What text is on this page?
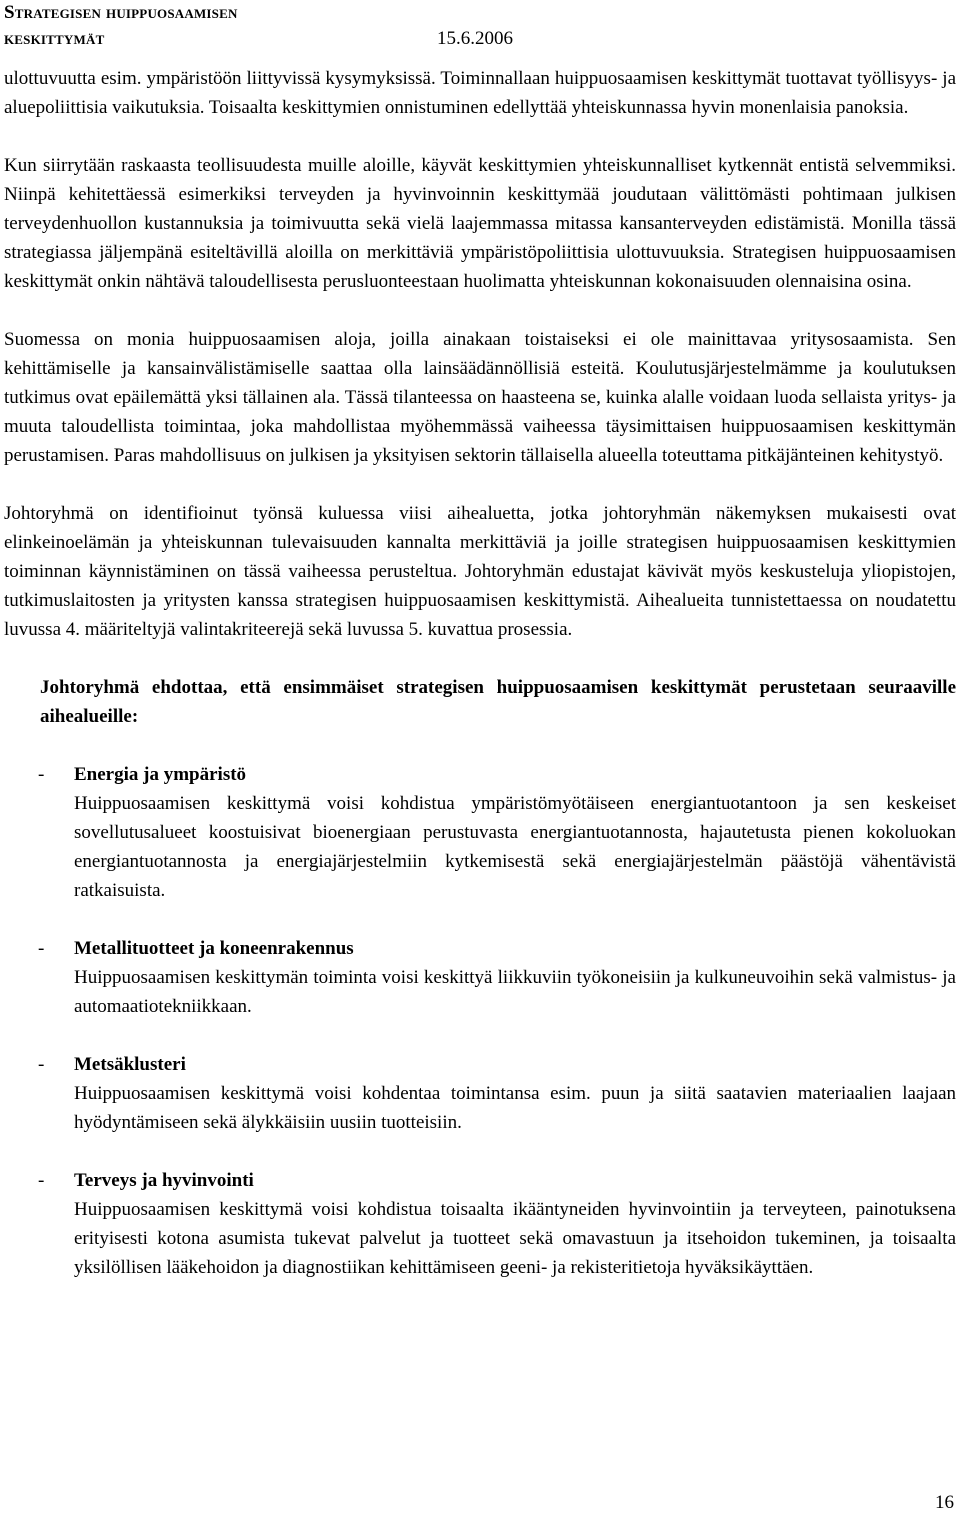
Strategisen huippuosaamisen
keskittymät	15.6.2006

ulottuvuutta esim. ympäristöön liittyvissä kysymyksissä. Toiminnallaan huippuosaamisen keskittymät tuottavat työllisyys- ja aluepoliittisia vaikutuksia. Toisaalta keskittymien onnistuminen edellyttää yhteiskunnassa hyvin monenlaisia panoksia.

Kun siirrytään raskaasta teollisuudesta muille aloille, käyvät keskittymien yhteiskunnalliset kytkennät entistä selvemmiksi. Niinpä kehitettäessä esimerkiksi terveyden ja hyvinvoinnin keskittymää joudutaan välittömästi pohtimaan julkisen terveydenhuollon kustannuksia ja toimivuutta sekä vielä laajemmassa mitassa kansanterveyden edistämistä. Monilla tässä strategiassa jäljempänä esiteltävillä aloilla on merkittäviä ympäristöpoliittisia ulottuvuuksia. Strategisen huippuosaamisen keskittymät onkin nähtävä taloudellisesta perusluonteestaan huolimatta yhteiskunnan kokonaisuuden olennaisina osina.

Suomessa on monia huippuosaamisen aloja, joilla ainakaan toistaiseksi ei ole mainittavaa yritysosaamista. Sen kehittämiselle ja kansainvälistämiselle saattaa olla lainsäädännöllisiä esteitä. Koulutusjärjestelmämme ja koulutuksen tutkimus ovat epäilemättä yksi tällainen ala. Tässä tilanteessa on haasteena se, kuinka alalle voidaan luoda sellaista yritys- ja muuta taloudellista toimintaa, joka mahdollistaa myöhemmässä vaiheessa täysimittaisen huippuosaamisen keskittymän perustamisen. Paras mahdollisuus on julkisen ja yksityisen sektorin tällaisella alueella toteuttama pitkäjänteinen kehitystyö.

Johtoryhmä on identifioinut työnsä kuluessa viisi aihealuetta, jotka johtoryhmän näkemyksen mukaisesti ovat elinkeinoelämän ja yhteiskunnan tulevaisuuden kannalta merkittäviä ja joille strategisen huippuosaamisen keskittymien toiminnan käynnistäminen on tässä vaiheessa perusteltua. Johtoryhmän edustajat kävivät myös keskusteluja yliopistojen, tutkimuslaitosten ja yritysten kanssa strategisen huippuosaamisen keskittymistä. Aihealueita tunnistettaessa on noudatettu luvussa 4. määriteltyjä valintakriteerejä sekä luvussa 5. kuvattua prosessia.

Johtoryhmä ehdottaa, että ensimmäiset strategisen huippuosaamisen keskittymät perustetaan seuraaville aihealueille:

- Energia ja ympäristö
Huippuosaamisen keskittymä voisi kohdistua ympäristömyötäiseen energiantuotantoon ja sen keskeiset sovellutusalueet koostuisivat bioenergiaan perustuvasta energiantuotannosta, hajautetusta pienen kokoluokan energiantuotannosta ja energiajärjestelmiin kytkemisestä sekä energiajärjestelmän päästöjä vähentävistä ratkaisuista.
- Metallituotteet ja koneenrakennus
Huippuosaamisen keskittymän toiminta voisi keskittyä liikkuviin työkoneisiin ja kulkuneuvoihin sekä valmistus- ja automaatiotekniikkaan.
- Metsäklusteri
Huippuosaamisen keskittymä voisi kohdentaa toimintansa esim. puun ja siitä saatavien materiaalien laajaan hyödyntämiseen sekä älykkäisiin uusiin tuotteisiin.
- Terveys ja hyvinvointi
Huippuosaamisen keskittymä voisi kohdistua toisaalta ikääntyneiden hyvinvointiin ja terveyteen, painotuksena erityisesti kotona asumista tukevat palvelut ja tuotteet sekä omavastuun ja itsehoidon tukeminen, ja toisaalta yksilöllisen lääkehoidon ja diagnostiikan kehittämiseen geeni- ja rekisteritietoja hyväksikäyttäen.
16
